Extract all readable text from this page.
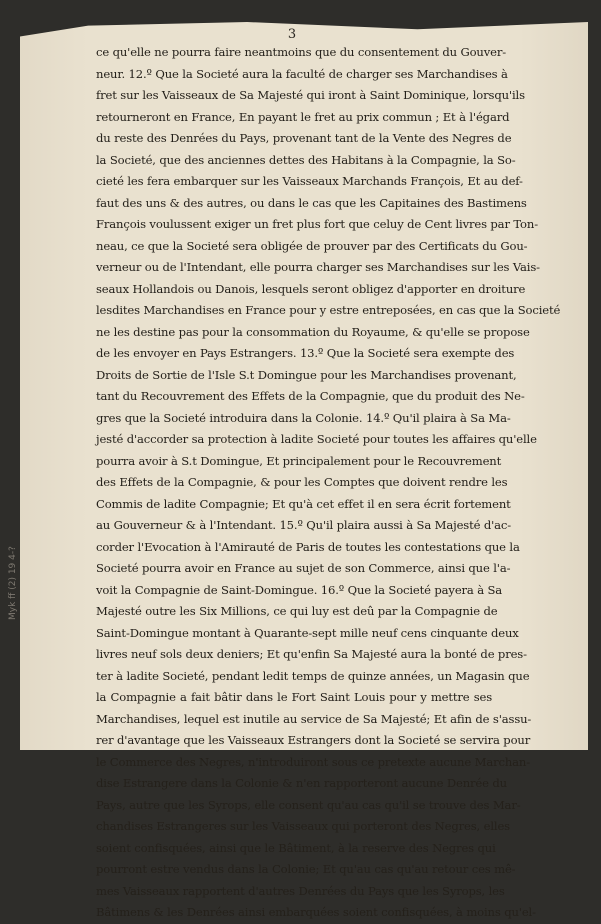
3
ce qu'elle ne pourra faire neantmoins que du consentement du Gouver-
neur. 12.º Que la Societé aura la faculté de charger ses Marchandises à
fret sur les Vaisseaux de Sa Majesté qui iront à Saint Dominique, lorsqu'ils
retourneront en France, En payant le fret au prix commun ; Et à l'égard
du reste des Denrées du Pays, provenant tant de la Vente des Negres de
la Societé, que des anciennes dettes des Habitans à la Compagnie, la So-
cieté les fera embarquer sur les Vaisseaux Marchands François, Et au def-
faut des uns & des autres, ou dans le cas que les Capitaines des Bastimens
François voulussent exiger un fret plus fort que celuy de Cent livres par Ton-
neau, ce que la Societé sera obligée de prouver par des Certificats du Gou-
verneur ou de l'Intendant, elle pourra charger ses Marchandises sur les Vais-
seaux Hollandois ou Danois, lesquels seront obligez d'apporter en droiture
lesdites Marchandises en France pour y estre entreposées, en cas que la Societé
ne les destine pas pour la consommation du Royaume, & qu'elle se propose
de les envoyer en Pays Estrangers. 13.º Que la Societé sera exempte des
Droits de Sortie de l'Isle S.t Domingue pour les Marchandises provenant,
tant du Recouvrement des Effets de la Compagnie, que du produit des Ne-
gres que la Societé introduira dans la Colonie. 14.º Qu'il plaira à Sa Ma-
jesté d'accorder sa protection à ladite Societé pour toutes les affaires qu'elle
pourra avoir à S.t Domingue, Et principalement pour le Recouvrement
des Effets de la Compagnie, & pour les Comptes que doivent rendre les
Commis de ladite Compagnie; Et qu'à cet effet il en sera écrit fortement
au Gouverneur & à l'Intendant. 15.º Qu'il plaira aussi à Sa Majesté d'ac-
corder l'Evocation à l'Amirauté de Paris de toutes les contestations que la
Societé pourra avoir en France au sujet de son Commerce, ainsi que l'a-
voit la Compagnie de Saint-Domingue. 16.º Que la Societé payera à Sa
Majesté outre les Six Millions, ce qui luy est deû par la Compagnie de
Saint-Domingue montant à Quarante-sept mille neuf cens cinquante deux
livres neuf sols deux deniers; Et qu'enfin Sa Majesté aura la bonté de pres-
ter à ladite Societé, pendant ledit temps de quinze années, un Magasin que
la Compagnie a fait bâtir dans le Fort Saint Louis pour y mettre ses
Marchandises, lequel est inutile au service de Sa Majesté; Et afin de s'assu-
rer d'avantage que les Vaisseaux Estrangers dont la Societé se servira pour
le Commerce des Negres, n'introduiront sous ce pretexte aucune Marchan-
dise Estrangere dans la Colonie & n'en rapporteront aucune Denrée du
Pays, autre que les Syrops, elle consent qu'au cas qu'il se trouve des Mar-
chandises Estrangeres sur les Vaisseaux qui porteront des Negres, elles
soient confisquées, ainsi que le Bâtiment, à la reserve des Negres qui
pourront estre vendus dans la Colonie; Et qu'au cas qu'au retour ces mê-
mes Vaisseaux rapportent d'autres Denrées du Pays que les Syrops, les
Bâtimens & les Denrées ainsi embarquées soient confisquées, à moins qu'el-
Myk ff (2) 19 4-?
